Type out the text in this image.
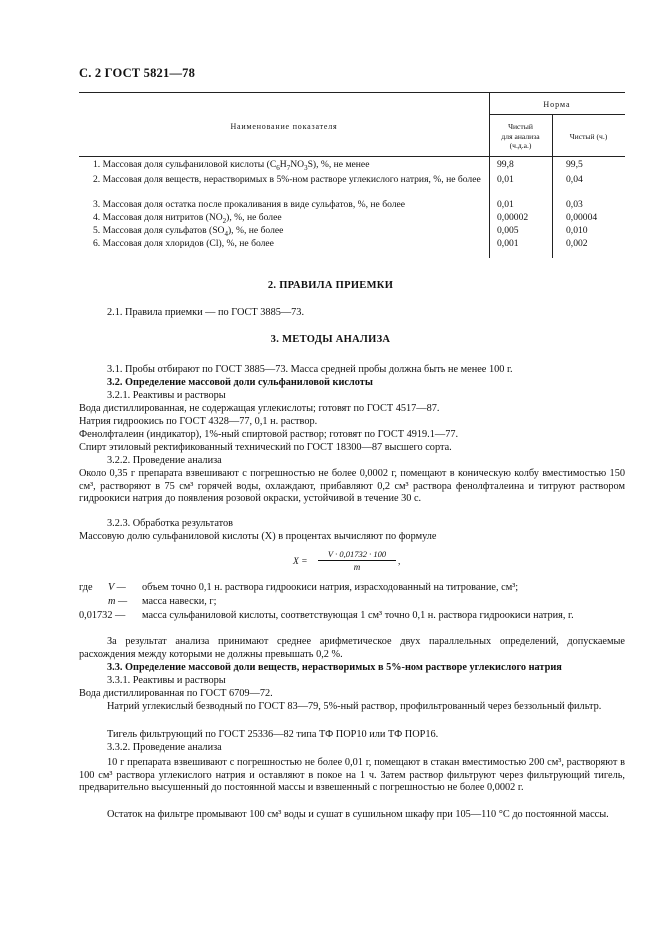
С. 2 ГОСТ 5821—78
Наименование показателя
Норма
Чистый
для анализа
(ч.д.а.)
Чистый (ч.)
1. Массовая доля сульфаниловой кислоты $(C_6H_7NO_3S)$, %, не менее	99,8	99,5
2. Массовая доля веществ, нерастворимых в 5%-ном растворе углекислого натрия, %, не более	0,01	0,04
3. Массовая доля остатка после прокаливания в виде сульфатов, %, не более	0,01	0,03
4. Массовая доля нитритов $(NO_2)$, %, не более	0,00002	0,00004
5. Массовая доля сульфатов $(SO_4)$, %, не более	0,005	0,010
6. Массовая доля хлоридов (Cl), %, не более	0,001	0,002
2. ПРАВИЛА ПРИЕМКИ
2.1. Правила приемки — по ГОСТ 3885—73.
3. МЕТОДЫ АНАЛИЗА
3.1. Пробы отбирают по ГОСТ 3885—73. Масса средней пробы должна быть не менее 100 г.
3.2. Определение массовой доли сульфаниловой кислоты
3.2.1. Реактивы и растворы
Вода дистиллированная, не содержащая углекислоты; готовят по ГОСТ 4517—87.
Натрия гидроокись по ГОСТ 4328—77, 0,1 н. раствор.
Фенолфталеин (индикатор), 1%-ный спиртовой раствор; готовят по ГОСТ 4919.1—77.
Спирт этиловый ректификованный технический по ГОСТ 18300—87 высшего сорта.
3.2.2. Проведение анализа
Около 0,35 г препарата взвешивают с погрешностью не более 0,0002 г, помещают в коническую колбу вместимостью 150 см³, растворяют в 75 см³ горячей воды, охлаждают, прибавляют 0,2 см³ раствора фенолфталеина и титруют раствором гидроокиси натрия до появления розовой окраски, устойчивой в течение 30 с.
3.2.3. Обработка результатов
Массовую долю сульфаниловой кислоты (X) в процентах вычисляют по формуле
X =
V · 0,01732 · 100
m	,
где V — объем точно 0,1 н. раствора гидроокиси натрия, израсходованный на титрование, см³;
m — масса навески, г;
0,01732 — масса сульфаниловой кислоты, соответствующая 1 см³ точно 0,1 н. раствора гидроокиси натрия, г.
За результат анализа принимают среднее арифметическое двух параллельных определений, допускаемые расхождения между которыми не должны превышать 0,2 %.
3.3. Определение массовой доли веществ, нерастворимых в 5%-ном растворе углекислого натрия
3.3.1. Реактивы и растворы
Вода дистиллированная по ГОСТ 6709—72.
Натрий углекислый безводный по ГОСТ 83—79, 5%-ный раствор, профильтрованный через беззольный фильтр.
Тигель фильтрующий по ГОСТ 25336—82 типа ТФ ПОР10 или ТФ ПОР16.
3.3.2. Проведение анализа
10 г препарата взвешивают с погрешностью не более 0,01 г, помещают в стакан вместимостью 200 см³, растворяют в 100 см³ раствора углекислого натрия и оставляют в покое на 1 ч. Затем раствор фильтруют через фильтрующий тигель, предварительно высушенный до постоянной массы и взвешенный с погрешностью не более 0,0002 г.
Остаток на фильтре промывают 100 см³ воды и сушат в сушильном шкафу при 105—110 °С до постоянной массы.
